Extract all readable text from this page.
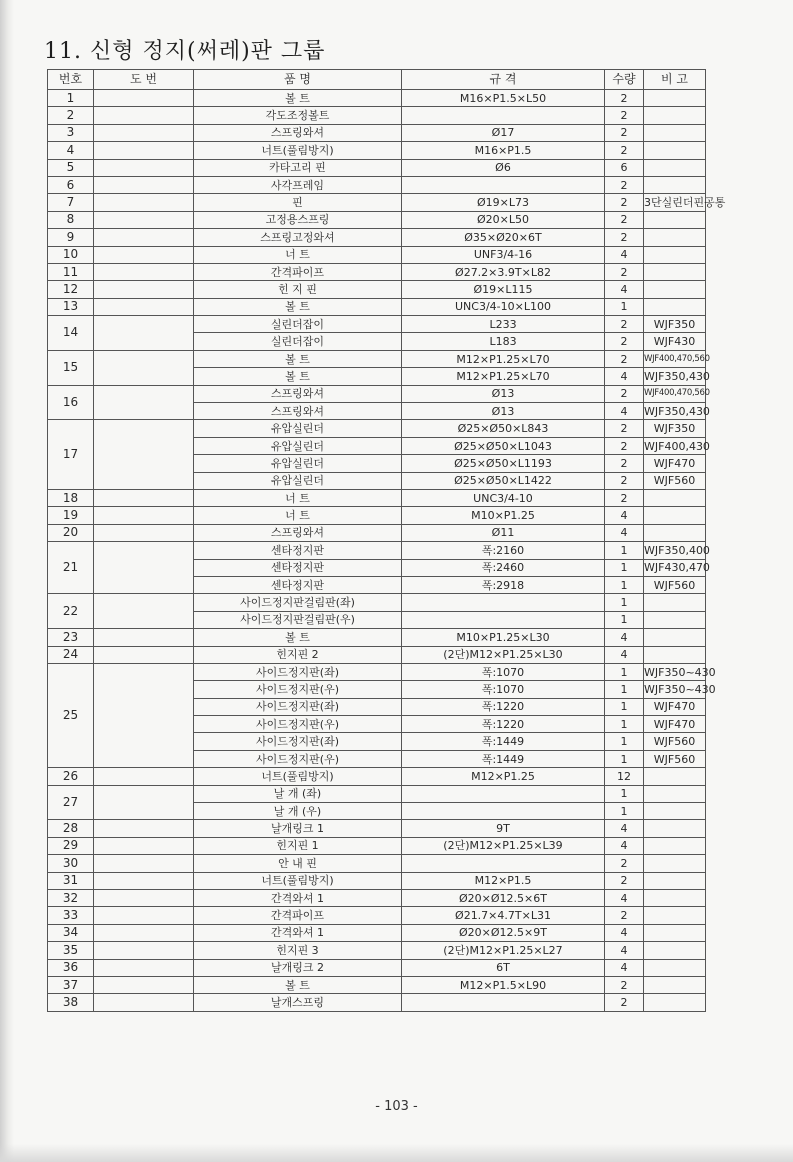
11. 신형 정지(써레)판 그룹
번호	도 번	품 명	규 격	수량	비 고
1		볼 트	M16×P1.5×L50	2	
2		각도조정볼트		2	
3		스프링와셔	Ø17	2	
4		너트(풀림방지)	M16×P1.5	2	
5		카타고리 핀	Ø6	6	
6		사각프레임		2	
7		핀	Ø19×L73	2	3단실린더핀공통
8		고정용스프링	Ø20×L50	2	
9		스프링고정와셔	Ø35×Ø20×6T	2	
10		너 트	UNF3/4-16	4	
11		간격파이프	Ø27.2×3.9T×L82	2	
12		힌 지 핀	Ø19×L115	4	
13		볼 트	UNC3/4-10×L100	1	
14		실린더잡이	L233	2	WJF350
		실린더잡이	L183	2	WJF430
15		볼 트	M12×P1.25×L70	2	WJF400,470,560
		볼 트	M12×P1.25×L70	4	WJF350,430
16		스프링와셔	Ø13	2	WJF400,470,560
		스프링와셔	Ø13	4	WJF350,430
17		유압실린더	Ø25×Ø50×L843	2	WJF350
		유압실린더	Ø25×Ø50×L1043	2	WJF400,430
		유압실린더	Ø25×Ø50×L1193	2	WJF470
		유압실린더	Ø25×Ø50×L1422	2	WJF560
18		너 트	UNC3/4-10	2	
19		너 트	M10×P1.25	4	
20		스프링와셔	Ø11	4	
21		센타정지판	폭:2160	1	WJF350,400
		센타정지판	폭:2460	1	WJF430,470
		센타정지판	폭:2918	1	WJF560
22		사이드정지판걸림판(좌)		1	
		사이드정지판걸림판(우)		1	
23		볼 트	M10×P1.25×L30	4	
24		힌지핀 2	(2단)M12×P1.25×L30	4	
25		사이드정지판(좌)	폭:1070	1	WJF350~430
		사이드정지판(우)	폭:1070	1	WJF350~430
		사이드정지판(좌)	폭:1220	1	WJF470
		사이드정지판(우)	폭:1220	1	WJF470
		사이드정지판(좌)	폭:1449	1	WJF560
		사이드정지판(우)	폭:1449	1	WJF560
26		너트(풀림방지)	M12×P1.25	12	
27		날 개 (좌)		1	
		날 개 (우)		1	
28		날개링크 1	9T	4	
29		힌지핀 1	(2단)M12×P1.25×L39	4	
30		안 내 핀		2	
31		너트(풀림방지)	M12×P1.5	2	
32		간격와셔 1	Ø20×Ø12.5×6T	4	
33		간격파이프	Ø21.7×4.7T×L31	2	
34		간격와셔 1	Ø20×Ø12.5×9T	4	
35		힌지핀 3	(2단)M12×P1.25×L27	4	
36		날개링크 2	6T	4	
37		볼 트	M12×P1.5×L90	2	
38		날개스프링		2	
- 103 -
